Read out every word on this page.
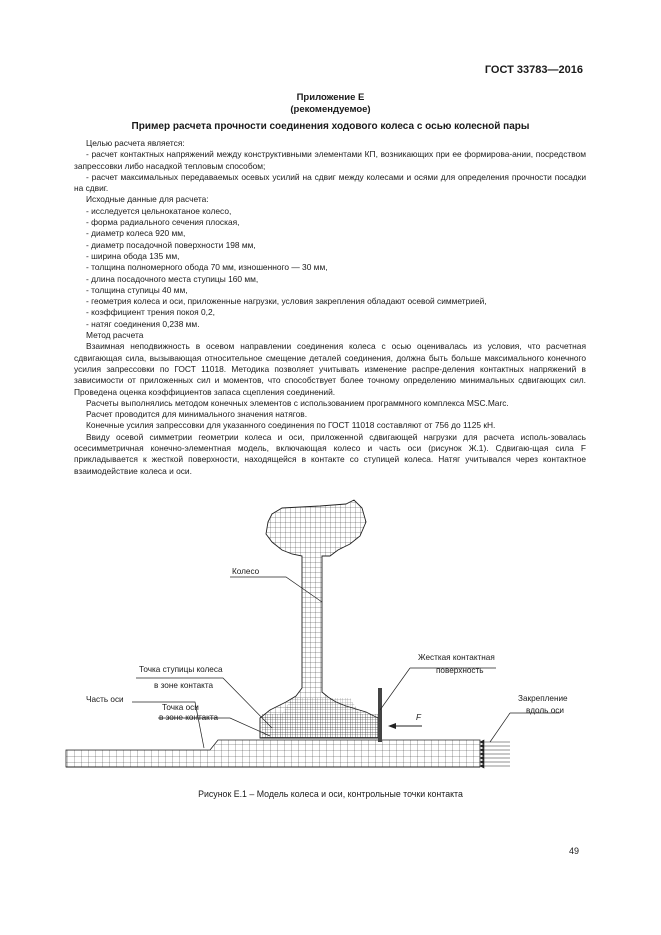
ГОСТ 33783—2016
Приложение Е
(рекомендуемое)
Пример расчета прочности соединения ходового колеса с осью колесной пары

Целью расчета является:

- расчет контактных напряжений между конструктивными элементами КП, возникающих при ее формирова-ании, посредством запрессовки либо насадкой тепловым способом;

- расчет максимальных передаваемых осевых усилий на сдвиг между колесами и осями для определения прочности посадки на сдвиг.

Исходные данные для расчета:

- исследуется цельнокатаное колесо,

- форма радиального сечения плоская,

- диаметр колеса 920 мм,

- диаметр посадочной поверхности 198 мм,

- ширина обода 135 мм,

- толщина полномерного обода 70 мм, изношенного — 30 мм,

- длина посадочного места ступицы 160 мм,

- толщина ступицы 40 мм,

- геометрия колеса и оси, приложенные нагрузки, условия закрепления обладают осевой симметрией,

- коэффициент трения покоя 0,2,

- натяг соединения 0,238 мм.

Метод расчета

Взаимная неподвижность в осевом направлении соединения колеса с осью оценивалась из условия, что расчетная сдвигающая сила, вызывающая относительное смещение деталей соединения, должна быть больше максимального конечного усилия запрессовки по ГОСТ 11018. Методика позволяет учитывать изменение распре-деления контактных напряжений в зависимости от приложенных сил и моментов, что способствует более точному определению минимальных сдвигающих сил. Проведена оценка коэффициентов запаса сцепления соединений.

Расчеты выполнялись методом конечных элементов с использованием программного комплекса MSC.Marc.

Расчет проводится для минимального значения натягов.

Конечные усилия запрессовки для указанного соединения по ГОСТ 11018 составляют от 756 до 1125 кН.

Ввиду осевой симметрии геометрии колеса и оси, приложенной сдвигающей нагрузки для расчета исполь-зовалась осесимметричная конечно-элементная модель, включающая колесо и часть оси (рисунок Ж.1). Сдвигаю-щая сила F прикладывается к жесткой поверхности, находящейся в контакте со ступицей колеса. Натяг учитывался через контактное взаимодействие колеса и оси.

Колесо
Точка ступицы колеса
в зоне контакта
Точка оси
в зоне контакта
Часть оси
Жесткая контактная
поверхность
F
Закрепление
вдоль оси
Рисунок Е.1 – Модель колеса и оси, контрольные точки контакта
49
